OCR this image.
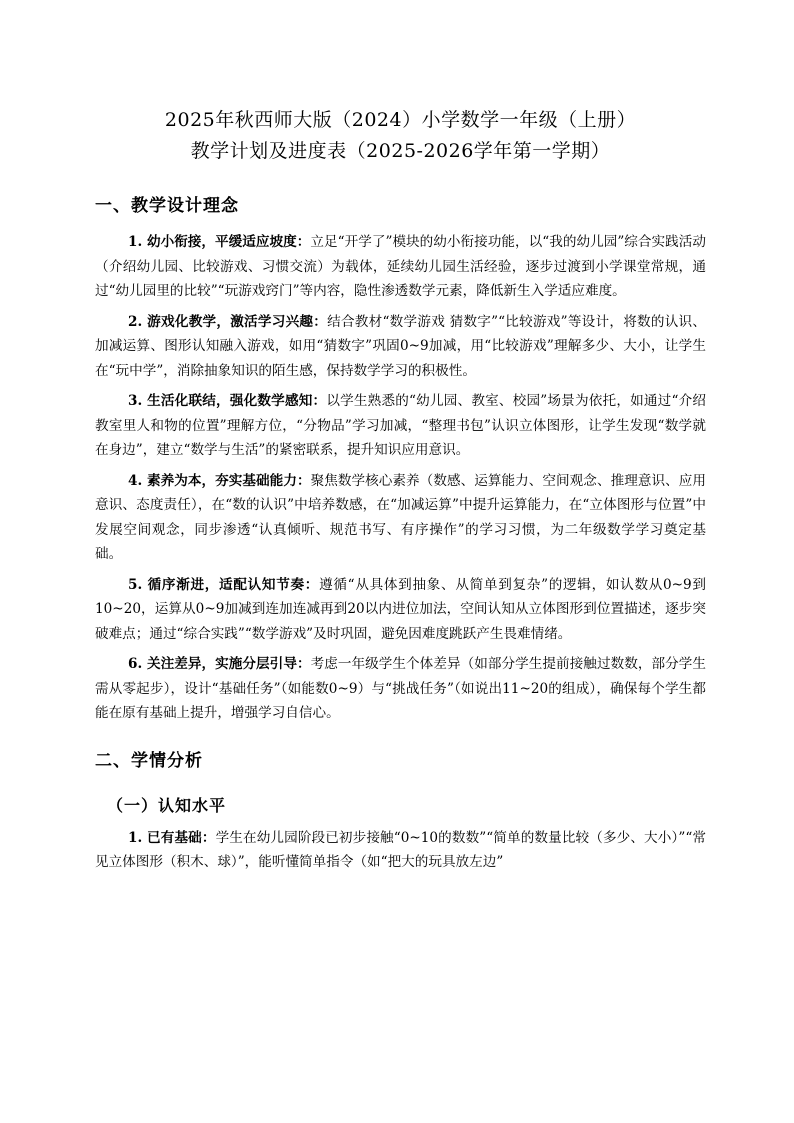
2025年秋西师大版（2024）小学数学一年级（上册）
教学计划及进度表（2025-2026学年第一学期）
一、教学设计理念

1. 幼小衔接，平缓适应坡度：立足“开学了”模块的幼小衔接功能，以“我的幼儿园”综合实践活动（介绍幼儿园、比较游戏、习惯交流）为载体，延续幼儿园生活经验，逐步过渡到小学课堂常规，通过“幼儿园里的比较”“玩游戏窍门”等内容，隐性渗透数学元素，降低新生入学适应难度。

2. 游戏化教学，激活学习兴趣：结合教材“数学游戏 猜数字”“比较游戏”等设计，将数的认识、加减运算、图形认知融入游戏，如用“猜数字”巩固0~9加减，用“比较游戏”理解多少、大小，让学生在“玩中学”，消除抽象知识的陌生感，保持数学学习的积极性。

3. 生活化联结，强化数学感知：以学生熟悉的“幼儿园、教室、校园”场景为依托，如通过“介绍教室里人和物的位置”理解方位，“分物品”学习加减，“整理书包”认识立体图形，让学生发现“数学就在身边”，建立“数学与生活”的紧密联系，提升知识应用意识。

4. 素养为本，夯实基础能力：聚焦数学核心素养（数感、运算能力、空间观念、推理意识、应用意识、态度责任），在“数的认识”中培养数感，在“加减运算”中提升运算能力，在“立体图形与位置”中发展空间观念，同步渗透“认真倾听、规范书写、有序操作”的学习习惯，为二年级数学学习奠定基础。

5. 循序渐进，适配认知节奏：遵循“从具体到抽象、从简单到复杂”的逻辑，如认数从0~9到10~20，运算从0~9加减到连加连减再到20以内进位加法，空间认知从立体图形到位置描述，逐步突破难点；通过“综合实践”“数学游戏”及时巩固，避免因难度跳跃产生畏难情绪。

6. 关注差异，实施分层引导：考虑一年级学生个体差异（如部分学生提前接触过数数，部分学生需从零起步），设计“基础任务”（如能数0~9）与“挑战任务”（如说出11~20的组成），确保每个学生都能在原有基础上提升，增强学习自信心。

二、学情分析
（一）认知水平

1. 已有基础：学生在幼儿园阶段已初步接触“0~10的数数”“简单的数量比较（多少、大小）”“常见立体图形（积木、球）”，能听懂简单指令（如“把大的玩具放左边”
